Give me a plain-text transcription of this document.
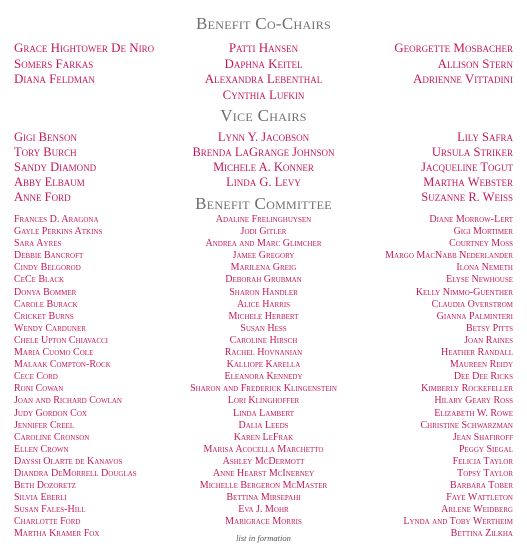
Benefit Co-Chairs
Grace Hightower De Niro
Somers Farkas
Diana Feldman
Patti Hansen
Daphna Keitel
Alexandra Lebenthal
Cynthia Lufkin
Georgette Mosbacher
Allison Stern
Adrienne Vittadini
Vice Chairs
Gigi Benson
Tory Burch
Sandy Diamond
Abby Elbaum
Anne Ford
Lynn Y. Jacobson
Brenda LaGrange Johnson
Michele A. Konner
Linda G. Levy
Lily Safra
Ursula Striker
Jacqueline Togut
Martha Webster
Suzanne R. Weiss
Benefit Committee
Frances D. Aragona
Gayle Perkins Atkins
Sara Ayres
Debbie Bancroft
Cindy Belgorod
CeCe Black
Donya Bommer
Carole Burack
Cricket Burns
Wendy Carduner
Chele Upton Chiavacci
Maria Cuomo Cole
Malaak Compton-Rock
Cece Cord
Roni Cowan
Joan and Richard Cowlan
Judy Gordon Cox
Jennifer Creel
Caroline Cronson
Ellen Crown
Dayssi Olarte de Kanavos
Diandra DeMorrell Douglas
Beth Dozoretz
Silvia Eberli
Susan Fales-Hill
Charlotte Ford
Martha Kramer Fox
Adaline Frelinghuysen
Jodi Gitler
Andrea and Marc Glimcher
Jamee Gregory
Marilena Greig
Deborah Grubman
Sharon Handler
Alice Harris
Michele Herbert
Susan Hess
Caroline Hirsch
Rachel Hovnanian
Kalliope Karella
Eleanora Kennedy
Sharon and Frederick Klingenstein
Lori Klinghoffer
Linda Lambert
Dalia Leeds
Karen LeFrak
Marisa Acocella Marchetto
Ashley McDermott
Anne Hearst McInerney
Michelle Bergeron McMaster
Bettina Mirsepahi
Eva J. Mohr
Marigrace Morris
Diane Morrow-Lert
Gigi Mortimer
Courtney Moss
Margo MacNabb Nederlander
Ilona Nemeth
Elyse Newhouse
Kelly Nimmo-Guenther
Claudia Overstrom
Gianna Palminteri
Betsy Pitts
Joan Raines
Heather Randall
Maureen Reidy
Dee Dee Ricks
Kimberly Rockefeller
Hilary Geary Ross
Elizabeth W. Rowe
Christine Schwarzman
Jean Shafiroff
Peggy Siegal
Felicia Taylor
Topsy Taylor
Barbara Tober
Faye Wattleton
Arlene Weidberg
Lynda and Toby Wertheim
Bettina Zilkha
list in formation
